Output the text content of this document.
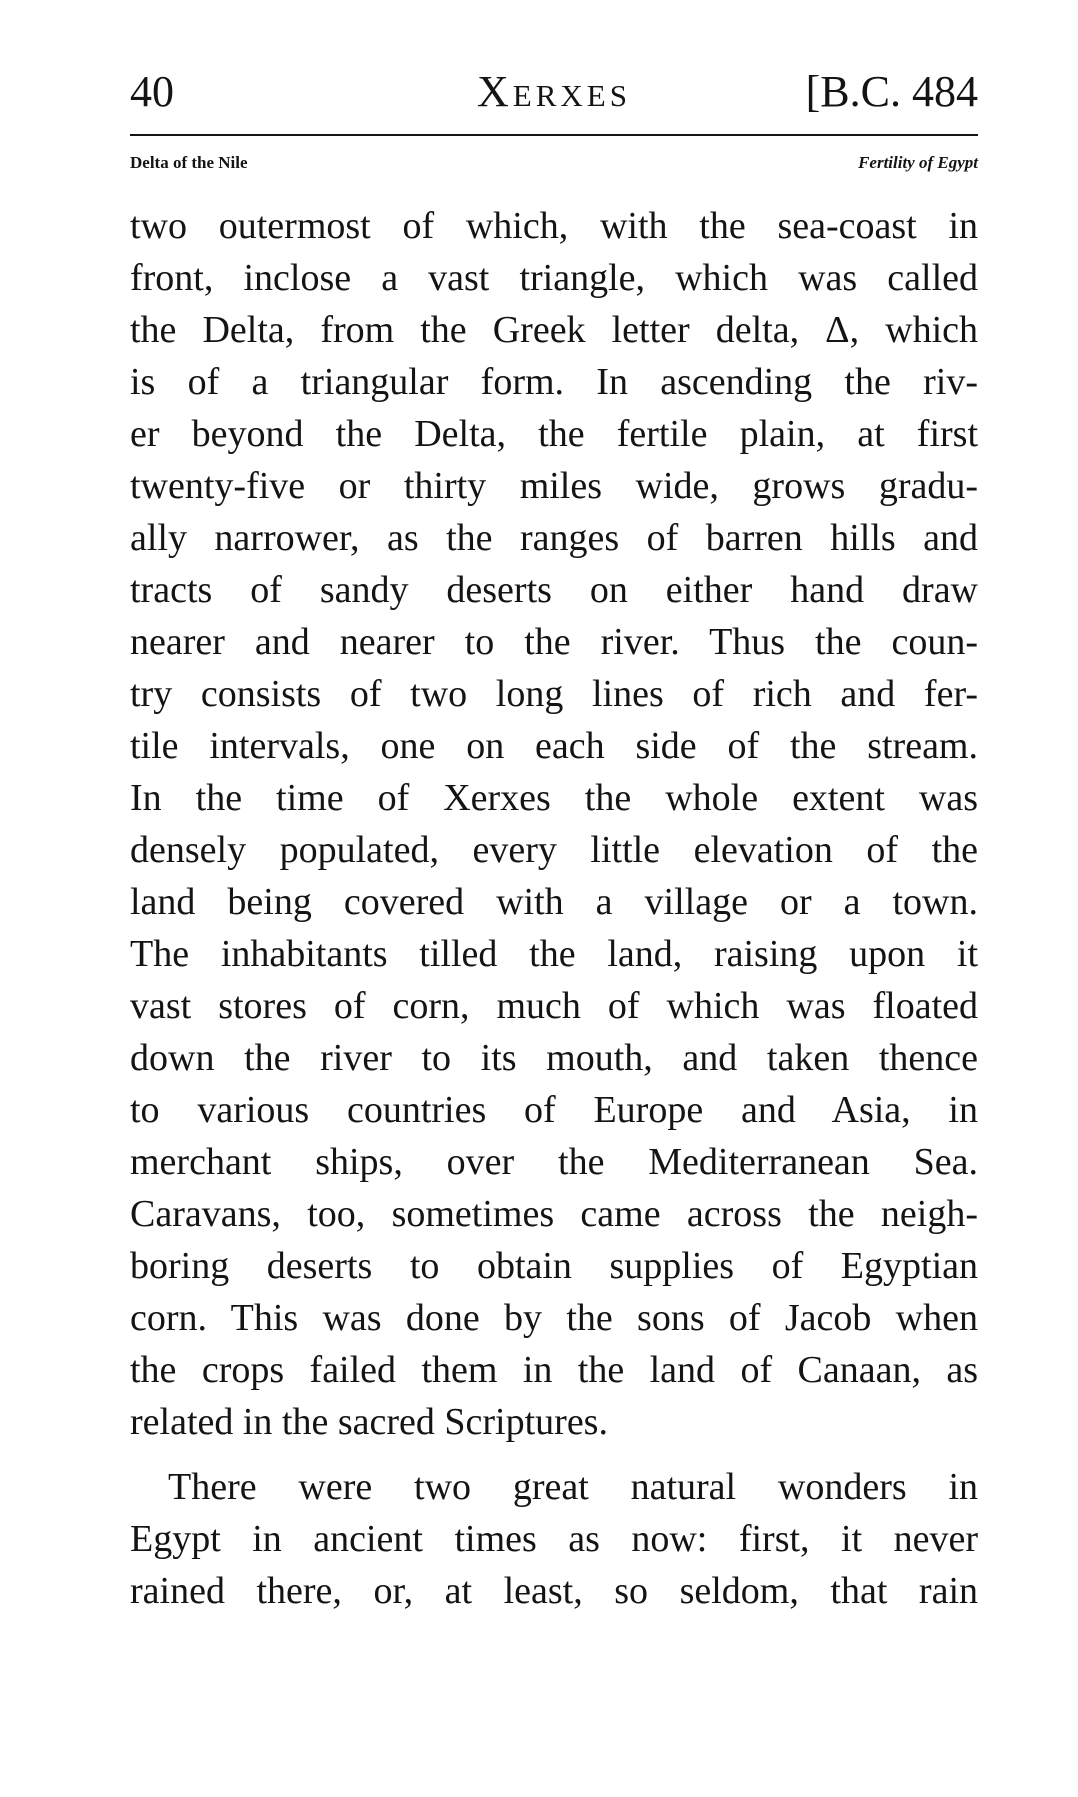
40	Xerxes	[B.C. 484
Delta of the Nile	Fertility of Egypt
two outermost of which, with the sea-coast in
front, inclose a vast triangle, which was called
the Delta, from the Greek letter delta, Δ, which
is of a triangular form. In ascending the riv-
er beyond the Delta, the fertile plain, at first
twenty-five or thirty miles wide, grows gradu-
ally narrower, as the ranges of barren hills and
tracts of sandy deserts on either hand draw
nearer and nearer to the river. Thus the coun-
try consists of two long lines of rich and fer-
tile intervals, one on each side of the stream.
In the time of Xerxes the whole extent was
densely populated, every little elevation of the
land being covered with a village or a town.
The inhabitants tilled the land, raising upon it
vast stores of corn, much of which was floated
down the river to its mouth, and taken thence
to various countries of Europe and Asia, in
merchant ships, over the Mediterranean Sea.
Caravans, too, sometimes came across the neigh-
boring deserts to obtain supplies of Egyptian
corn. This was done by the sons of Jacob when
the crops failed them in the land of Canaan, as
related in the sacred Scriptures.
There were two great natural wonders in
Egypt in ancient times as now: first, it never
rained there, or, at least, so seldom, that rain
